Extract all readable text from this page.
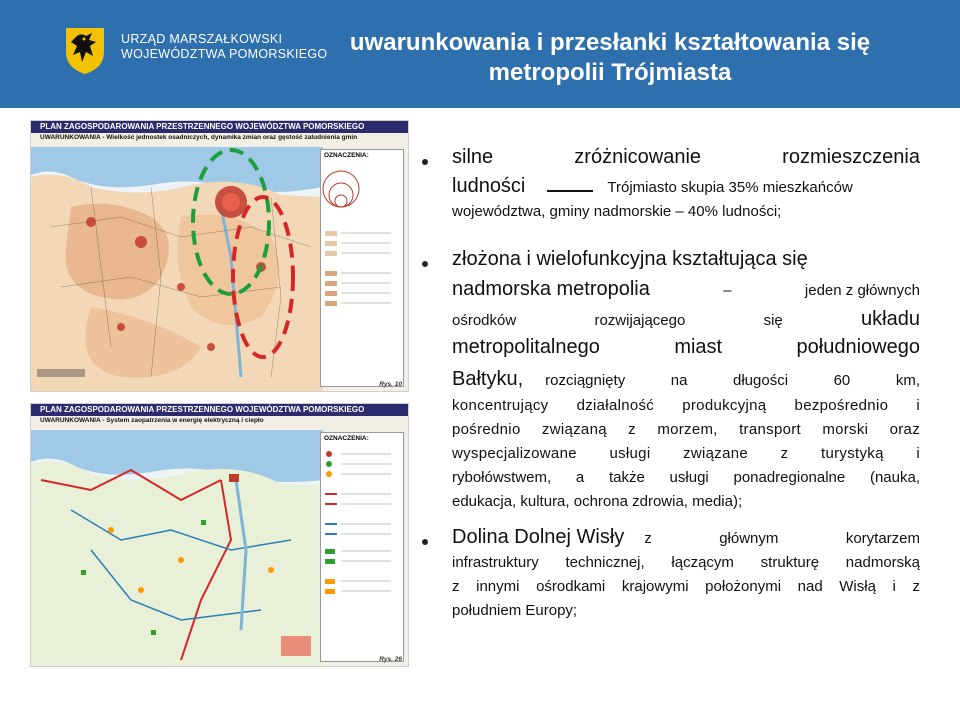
URZĄD MARSZAŁKOWSKI
WOJEWÓDZTWA POMORSKIEGO uwarunkowania i przesłanki kształtowania się
metropolii Trójmiasta
PLAN ZAGOSPODAROWANIA PRZESTRZENNEGO WOJEWÓDZTWA POMORSKIEGO
UWARUNKOWANIA - Wielkość jednostek osadniczych, dynamika zmian oraz gęstość zaludnienia gmin
OZNACZENIA:
Rys. 10
PLAN ZAGOSPODAROWANIA PRZESTRZENNEGO WOJEWÓDZTWA POMORSKIEGO
UWARUNKOWANIA - System zaopatrzenia w energię elektryczną i ciepło
OZNACZENIA:
Rys. 26
silne	zróżnicowanie	rozmieszczenia
ludności	Trójmiasto skupia 35% mieszkańców
województwa, gminy nadmorskie – 40% ludności;
złożona i wielofunkcyjna kształtująca się
nadmorska metropolia	–	jeden z głównych
ośrodków	rozwijającego	się	układu
metropolitalnego	miast	południowego
Bałtyku, rozciągnięty na długości 60 km,
koncentrujący działalność produkcyjną bezpośrednio i
pośrednio związaną z morzem, transport morski oraz
wyspecjalizowane usługi związane z turystyką i
rybołówstwem, a także usługi ponadregionalne (nauka,
edukacja, kultura, ochrona zdrowia, media);
Dolina Dolnej Wisły z głównym korytarzem
infrastruktury technicznej, łączącym strukturę nadmorską
z innymi ośrodkami krajowymi położonymi nad Wisłą i z
południem Europy;
